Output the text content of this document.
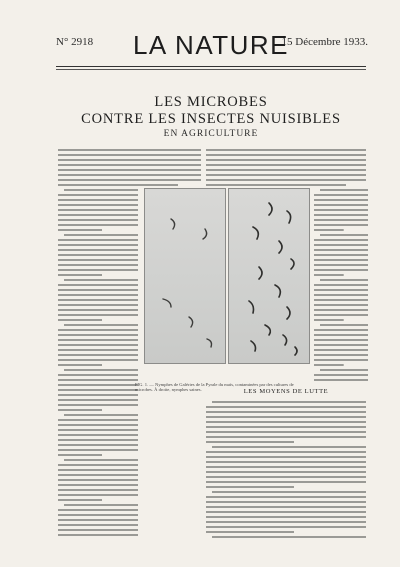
N° 2918	LA NATURE
15 Décembre 1933.
LES MICROBES
CONTRE LES INSECTES NUISIBLES
EN AGRICULTURE
FIG. 1. — Nymphes de Galéries de la Pyrale du maïs, contaminées par des cultures de microbes. À droite, nymphes saines.	LES MOYENS DE LUTTE
